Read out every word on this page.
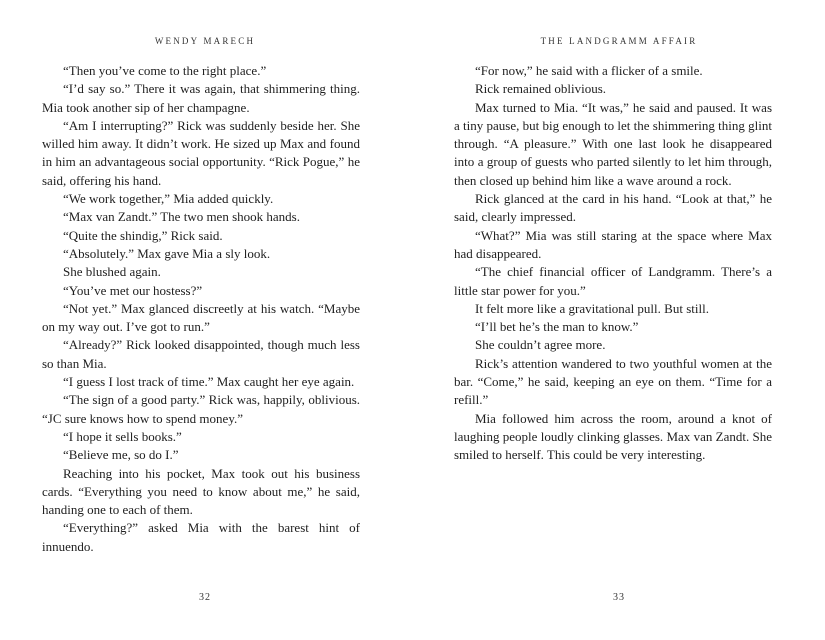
WENDY MARECH

“Then you’ve come to the right place.”

“I’d say so.” There it was again, that shimmering thing. Mia took another sip of her champagne.

“Am I interrupting?” Rick was suddenly beside her. She willed him away. It didn’t work. He sized up Max and found in him an advantageous social opportunity. “Rick Pogue,” he said, offering his hand.

“We work together,” Mia added quickly.

“Max van Zandt.” The two men shook hands.

“Quite the shindig,” Rick said.

“Absolutely.” Max gave Mia a sly look.

She blushed again.

“You’ve met our hostess?”

“Not yet.” Max glanced discreetly at his watch. “Maybe on my way out. I’ve got to run.”

“Already?” Rick looked disappointed, though much less so than Mia.

“I guess I lost track of time.” Max caught her eye again.

“The sign of a good party.” Rick was, happily, oblivious. “JC sure knows how to spend money.”

“I hope it sells books.”

“Believe me, so do I.”

Reaching into his pocket, Max took out his business cards. “Everything you need to know about me,” he said, handing one to each of them.

“Everything?” asked Mia with the barest hint of innuendo.

32
THE LANDGRAMM AFFAIR

“For now,” he said with a flicker of a smile.

Rick remained oblivious.

Max turned to Mia. “It was,” he said and paused. It was a tiny pause, but big enough to let the shimmering thing glint through. “A pleasure.” With one last look he disappeared into a group of guests who parted silently to let him through, then closed up behind him like a wave around a rock.

Rick glanced at the card in his hand. “Look at that,” he said, clearly impressed.

“What?” Mia was still staring at the space where Max had disappeared.

“The chief financial officer of Landgramm. There’s a little star power for you.”

It felt more like a gravitational pull. But still.

“I’ll bet he’s the man to know.”

She couldn’t agree more.

Rick’s attention wandered to two youthful women at the bar. “Come,” he said, keeping an eye on them. “Time for a refill.”

Mia followed him across the room, around a knot of laughing people loudly clinking glasses. Max van Zandt. She smiled to herself. This could be very interesting.

33
